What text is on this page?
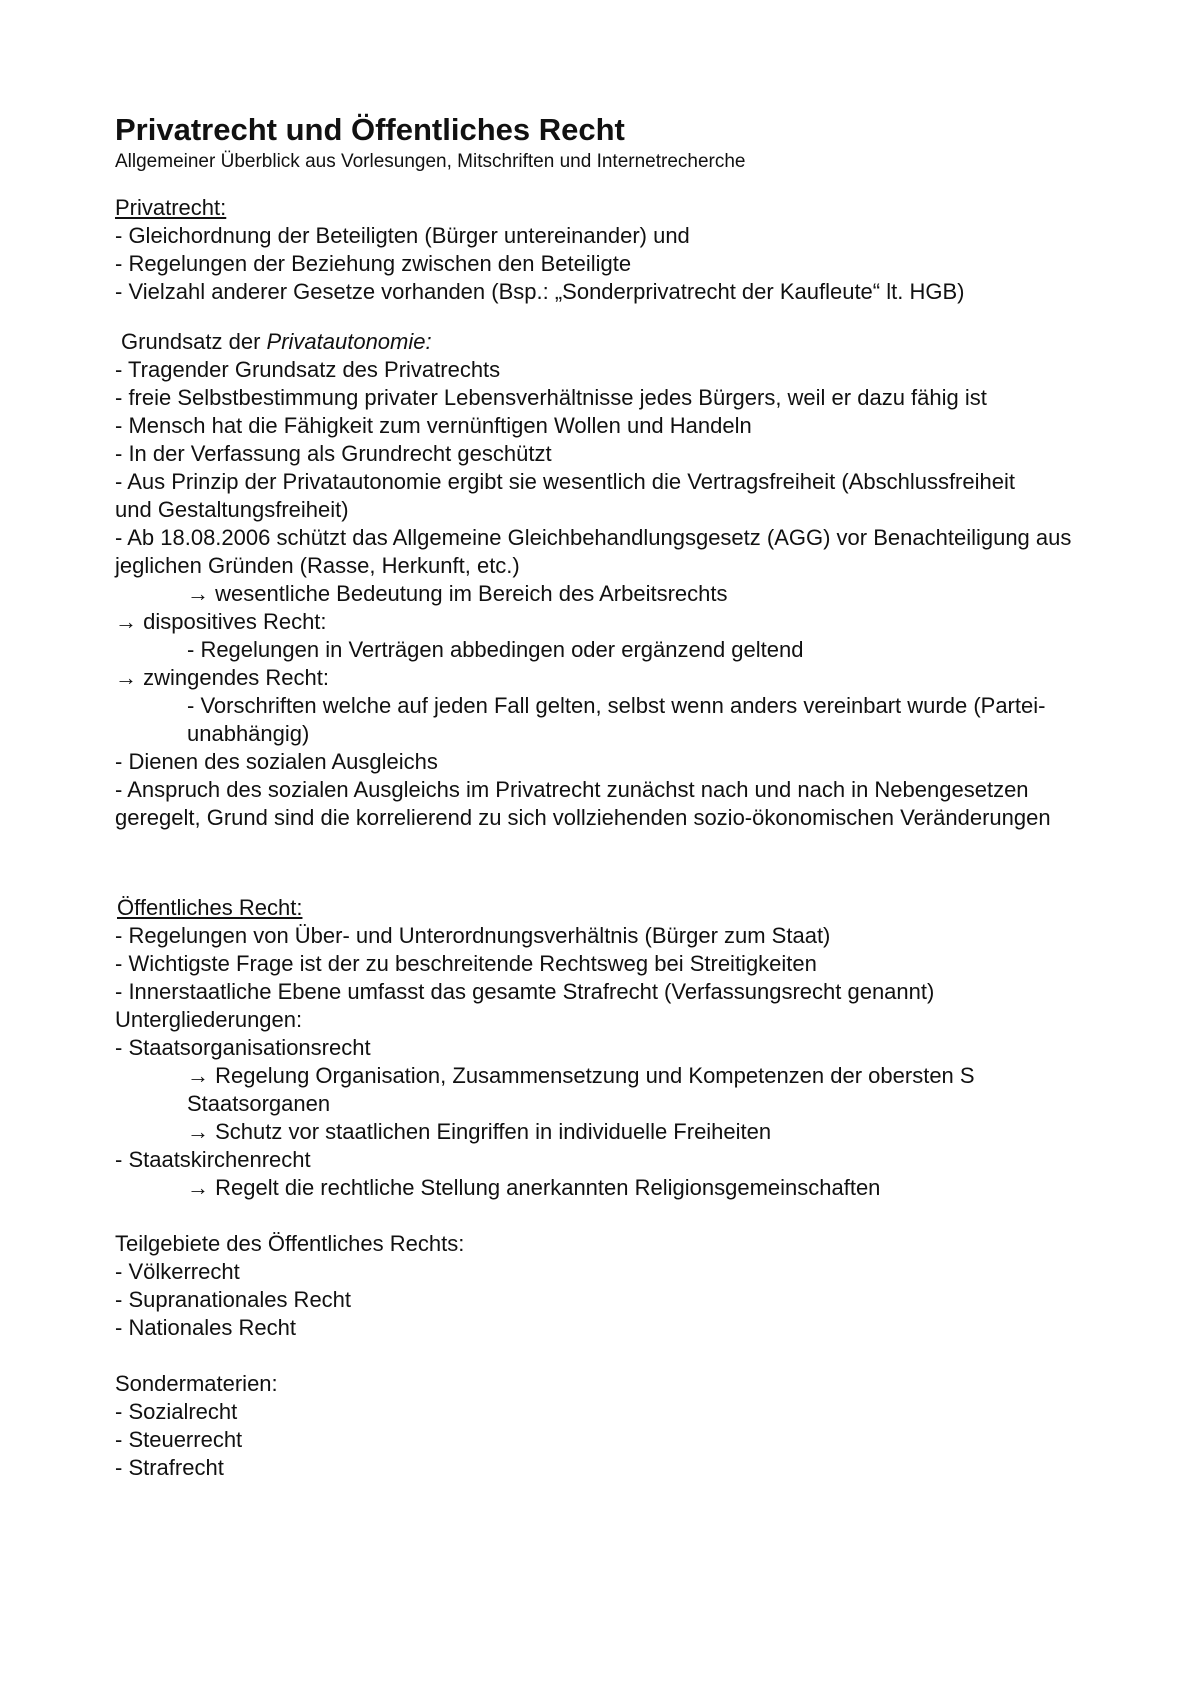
Privatrecht und Öffentliches Recht

Allgemeiner Überblick aus Vorlesungen, Mitschriften und Internetrecherche

Privatrecht:

- Gleichordnung der Beteiligten (Bürger untereinander) und

- Regelungen der Beziehung zwischen den Beteiligte

- Vielzahl anderer Gesetze vorhanden (Bsp.: „Sonderprivatrecht der Kaufleute“ lt. HGB)

Grundsatz der Privatautonomie:

- Tragender Grundsatz des Privatrechts

- freie Selbstbestimmung privater Lebensverhältnisse jedes Bürgers, weil er dazu fähig ist

- Mensch hat die Fähigkeit zum vernünftigen Wollen und Handeln

- In der Verfassung als Grundrecht geschützt

- Aus Prinzip der Privatautonomie ergibt sie wesentlich die Vertragsfreiheit (Abschlussfreiheit

und Gestaltungsfreiheit)

- Ab 18.08.2006 schützt das Allgemeine Gleichbehandlungsgesetz (AGG) vor Benachteiligung aus

jeglichen Gründen (Rasse, Herkunft, etc.)

→ wesentliche Bedeutung im Bereich des Arbeitsrechts

→ dispositives Recht:

- Regelungen in Verträgen abbedingen oder ergänzend geltend

→ zwingendes Recht:

- Vorschriften welche auf jeden Fall gelten, selbst wenn anders vereinbart wurde (Partei-

unabhängig)

- Dienen des sozialen Ausgleichs

- Anspruch des sozialen Ausgleichs im Privatrecht zunächst nach und nach in Nebengesetzen

geregelt, Grund sind die korrelierend zu sich vollziehenden sozio-ökonomischen Veränderungen

Öffentliches Recht:

- Regelungen von Über- und Unterordnungsverhältnis (Bürger zum Staat)

- Wichtigste Frage ist der zu beschreitende Rechtsweg bei Streitigkeiten

- Innerstaatliche Ebene umfasst das gesamte Strafrecht (Verfassungsrecht genannt)

Untergliederungen:

- Staatsorganisationsrecht

→ Regelung Organisation, Zusammensetzung und Kompetenzen der obersten S

Staatsorganen

→ Schutz vor staatlichen Eingriffen in individuelle Freiheiten

- Staatskirchenrecht

→ Regelt die rechtliche Stellung anerkannten Religionsgemeinschaften

Teilgebiete des Öffentliches Rechts:

- Völkerrecht

- Supranationales Recht

- Nationales Recht

Sondermaterien:

- Sozialrecht

- Steuerrecht

- Strafrecht
